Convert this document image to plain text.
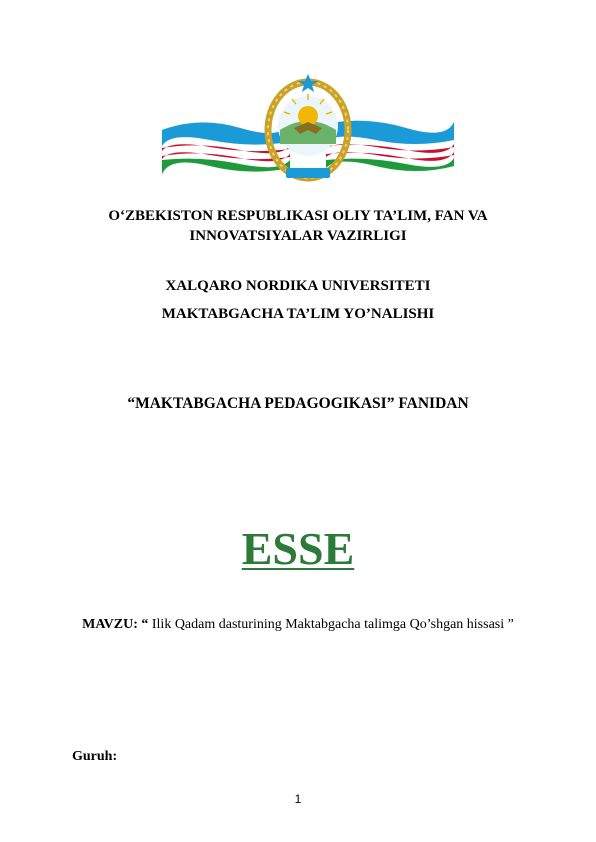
O‘ZBEKISTON RESPUBLIKASI OLIY TA’LIM, FAN VA
INNOVATSIYALAR VAZIRLIGI
XALQARO NORDIKA UNIVERSITETI
MAKTABGACHA TA’LIM YO’NALISHI
“MAKTABGACHA PEDAGOGIKASI” FANIDAN
ESSE
MAVZU: “ Ilik Qadam dasturining Maktabgacha talimga Qo’shgan hissasi ”
Guruh:
1
